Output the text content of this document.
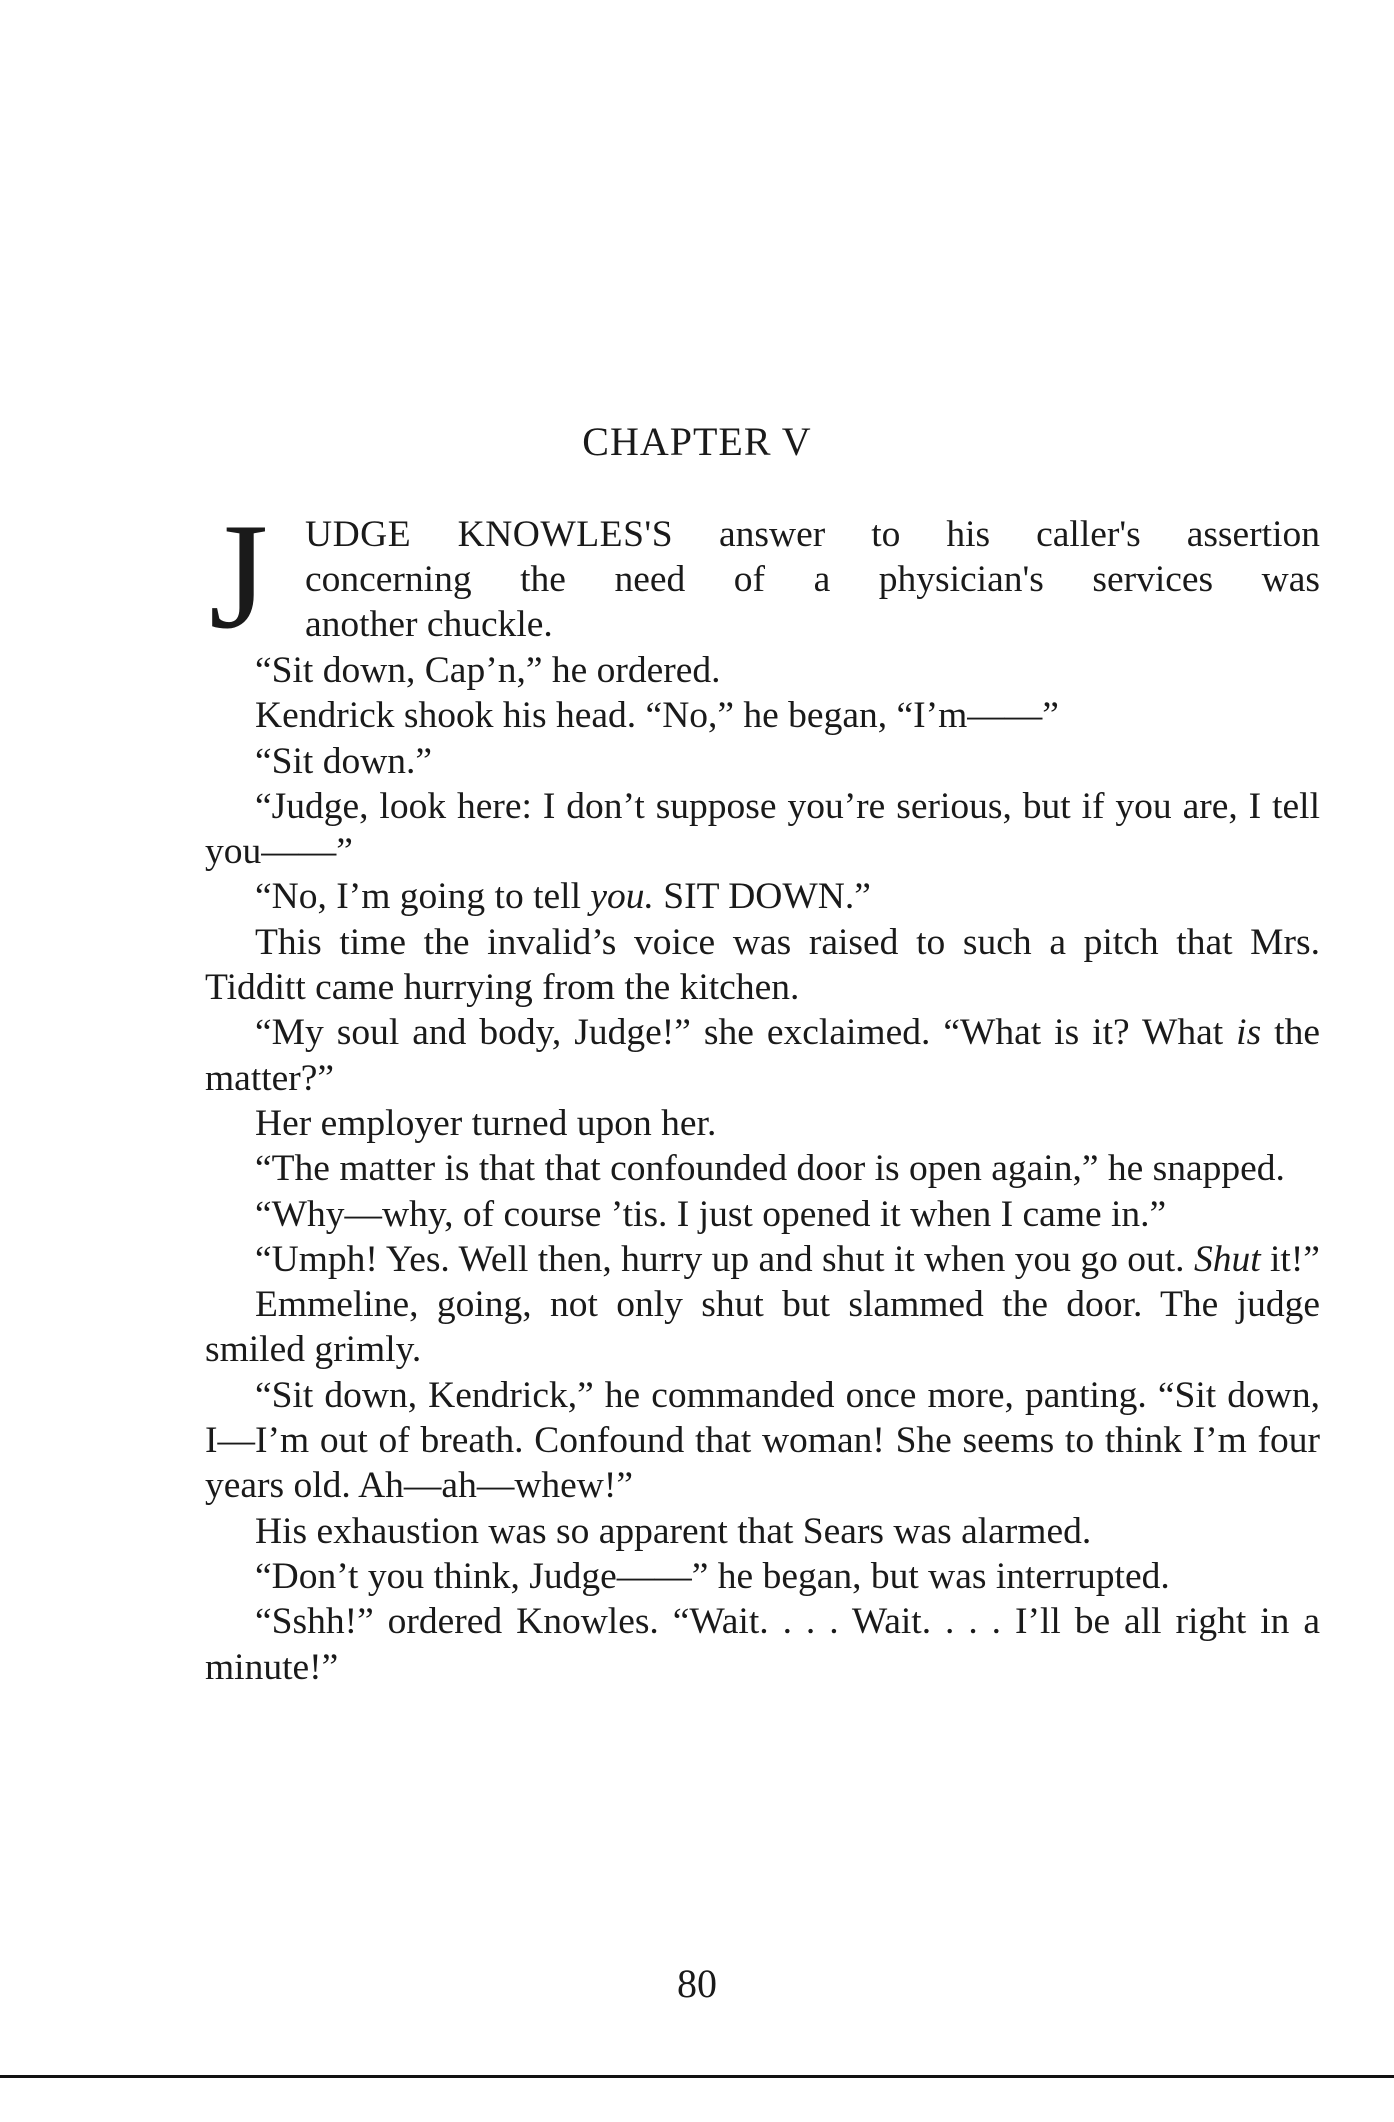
CHAPTER V
J UDGE KNOWLES'S answer to his caller's assertion
concerning the need of a physician's services was
another chuckle.

“Sit down, Cap’n,” he ordered.

Kendrick shook his head. “No,” he began, “I’m——”

“Sit down.”

“Judge, look here: I don’t suppose you’re serious, but if you are, I tell you——”

“No, I’m going to tell you. SIT DOWN.”

This time the invalid’s voice was raised to such a pitch that Mrs. Tidditt came hurrying from the kitchen.

“My soul and body, Judge!” she exclaimed. “What is it? What is the matter?”

Her employer turned upon her.

“The matter is that that confounded door is open again,” he snapped.

“Why—why, of course ’tis. I just opened it when I came in.”

“Umph! Yes. Well then, hurry up and shut it when you go out. Shut it!”

Emmeline, going, not only shut but slammed the door. The judge smiled grimly.

“Sit down, Kendrick,” he commanded once more, panting. “Sit down, I—I’m out of breath. Confound that woman! She seems to think I’m four years old. Ah—ah—whew!”

His exhaustion was so apparent that Sears was alarmed.

“Don’t you think, Judge——” he began, but was interrupted.

“Sshh!” ordered Knowles. “Wait. . . . Wait. . . . I’ll be all right in a minute!”

80
